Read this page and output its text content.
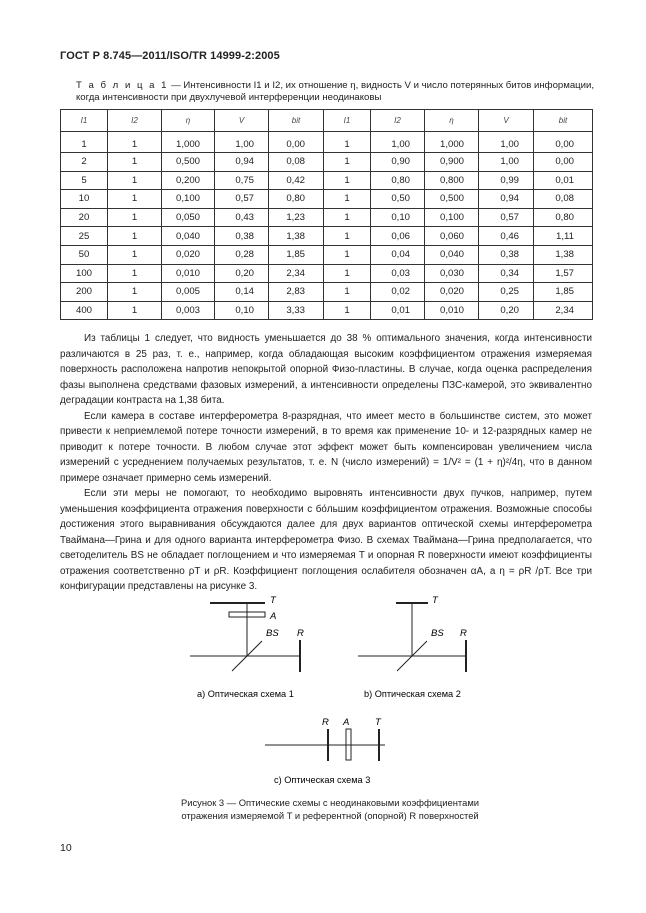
ГОСТ Р 8.745—2011/ISO/TR 14999-2:2005
Т а б л и ц а 1 — Интенсивности I1 и I2, их отношение η, видность V и число потерянных битов информации, когда интенсивности при двухлучевой интерференции неодинаковы
I1	I2	η	V	bit	I1	I2	η	V	bit
1	1	1,000	1,00	0,00	1	1,00	1,000	1,00	0,00
2	1	0,500	0,94	0,08	1	0,90	0,900	1,00	0,00
5	1	0,200	0,75	0,42	1	0,80	0,800	0,99	0,01
10	1	0,100	0,57	0,80	1	0,50	0,500	0,94	0,08
20	1	0,050	0,43	1,23	1	0,10	0,100	0,57	0,80
25	1	0,040	0,38	1,38	1	0,06	0,060	0,46	1,11
50	1	0,020	0,28	1,85	1	0,04	0,040	0,38	1,38
100	1	0,010	0,20	2,34	1	0,03	0,030	0,34	1,57
200	1	0,005	0,14	2,83	1	0,02	0,020	0,25	1,85
400	1	0,003	0,10	3,33	1	0,01	0,010	0,20	2,34

Из таблицы 1 следует, что видность уменьшается до 38 % оптимального значения, когда интенсивности различаются в 25 раз, т. е., например, когда обладающая высоким коэффициентом отражения измеряемая поверхность расположена напротив непокрытой опорной Физо-пластины. В случае, когда оценка распределения фазы выполнена средствами фазовых измерений, а интенсивности определены ПЗС-камерой, это эквивалентно деградации контраста на 1,38 бита.

Если камера в составе интерферометра 8-разрядная, что имеет место в большинстве систем, это может привести к неприемлемой потере точности измерений, в то время как применение 10- и 12-разрядных камер не приводит к потере точности. В любом случае этот эффект может быть компенсирован увеличением числа измерений с усреднением получаемых результатов, т. е. N (число измерений) = 1/V² = (1 + η)²/4η, что в данном примере означает примерно семь измерений.

Если эти меры не помогают, то необходимо выровнять интенсивности двух пучков, например, путем уменьшения коэффициента отражения поверхности с бо́льшим коэффициентом отражения. Возможные способы достижения этого выравнивания обсуждаются далее для двух вариантов оптической схемы интерферометра Тваймана—Грина и для одного варианта интерферометра Физо. В схемах Тваймана—Грина предполагается, что светоделитель BS не обладает поглощением и что измеряемая T и опорная R поверхности имеют коэффициенты отражения соответственно ρT и ρR. Коэффициент поглощения ослабителя обозначен αA, а η = ρR /ρT. Все три конфигурации представлены на рисунке 3.

T
A
BS R
a) Оптическая схема 1
T
BS R
b) Оптическая схема 2
R A	T
c) Оптическая схема 3
Рисунок 3 — Оптические схемы с неодинаковыми коэффициентами
отражения измеряемой T и референтной (опорной) R поверхностей
10
